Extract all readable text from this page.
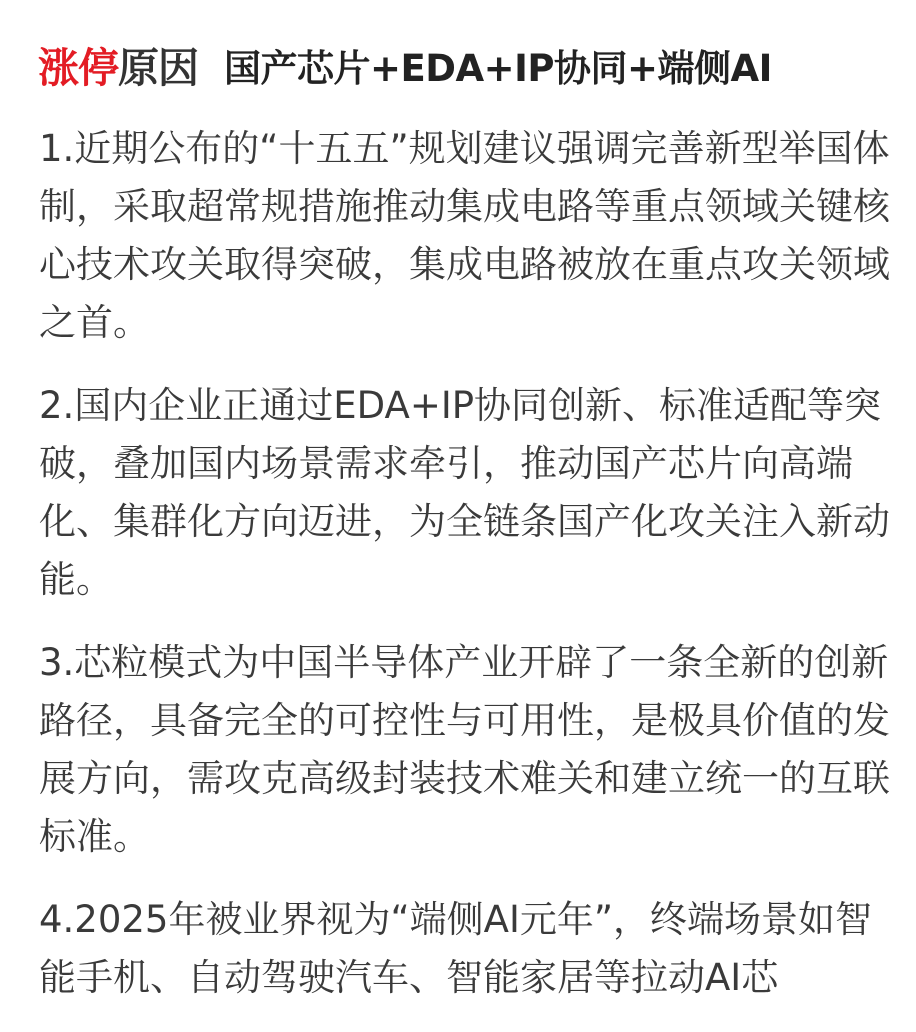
涨停 原因 国产芯片+EDA+IP协同+端侧AI

1.近期公布的“十五五”规划建议强调完善新型举国体制，采取超常规措施推动集成电路等重点领域关键核心技术攻关取得突破，集成电路被放在重点攻关领域之首。

2.国内企业正通过EDA+IP协同创新、标准适配等突破，叠加国内场景需求牵引，推动国产芯片向高端化、集群化方向迈进，为全链条国产化攻关注入新动能。

3.芯粒模式为中国半导体产业开辟了一条全新的创新路径，具备完全的可控性与可用性，是极具价值的发展方向，需攻克高级封装技术难关和建立统一的互联标准。

4.2025年被业界视为“端侧AI元年”，终端场景如智能手机、自动驾驶汽车、智能家居等拉动AI芯
